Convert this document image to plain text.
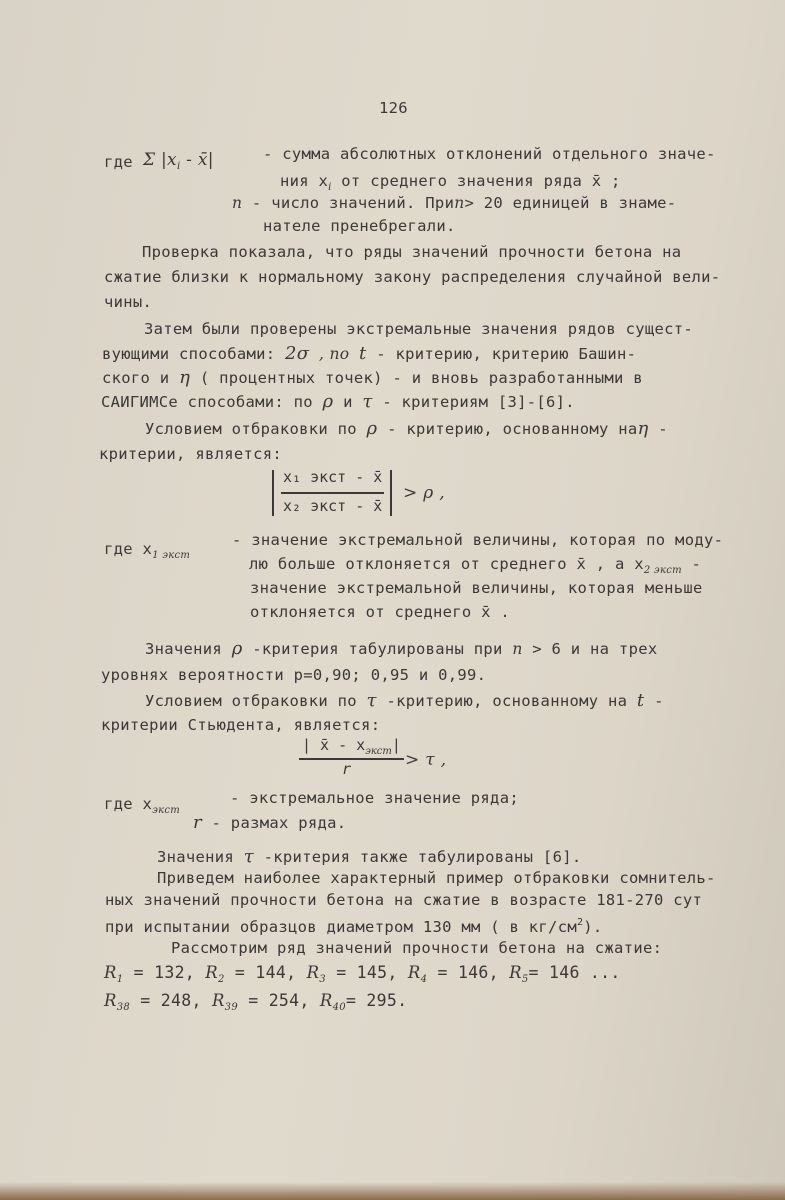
126
где Σ $|x_i$ - x̄|	- сумма абсолютных отклонений отдельного значе-
ния $x_i$ от среднего значения ряда x̄ ;
n - число значений. Приn> 20 единицей в знаме-
нателе пренебрегали.
Проверка показала, что ряды значений прочности бетона на
сжатие близки к нормальному закону распределения случайной вели-
чины.
Затем были проверены экстремальные значения рядов сущест-
вующими способами: 2σ , по t - критерию, критерию Башин-
ского и η ( процентных точек) - и вновь разработанными в
САИГИМСе способами: по ρ и τ - критериям [3]-[6].
Условием отбраковки по ρ - критерию, основанному наη -
критерии, является:
x₁ экст - x̄
x₂ экст - x̄
> ρ ,
где $x_{1 экст}$
- значение экстремальной величины, которая по моду-
лю больше отклоняется от среднего x̄ , а $x_{2 экст}$ -
значение экстремальной величины, которая меньше
отклоняется от среднего x̄ .
Значения ρ -критерия табулированы при n > 6 и на трех
уровнях вероятности р=0,90; 0,95 и 0,99.
Условием отбраковки по τ -критерию, основанному на t -
критерии Стьюдента, является:
| x̄ - $x_{экст}|$
r	> τ ,
где $x_{экст}$
- экстремальное значение ряда;
r - размах ряда.
Значения τ -критерия также табулированы [6].
Приведем наиболее характерный пример отбраковки сомнитель-
ных значений прочности бетона на сжатие в возрасте 181-270 сут
при испытании образцов диаметром 130 мм ( в $кг/см^2$).
Рассмотрим ряд значений прочности бетона на сжатие:
$R_1 = 132$, $R_2 = 144$, $R_3 = 145$, $R_4 = 146$, $R_5= 146$ ...
$R_{38} = 248$, $R_{39} = 254$, $R_{40}= 295$.
